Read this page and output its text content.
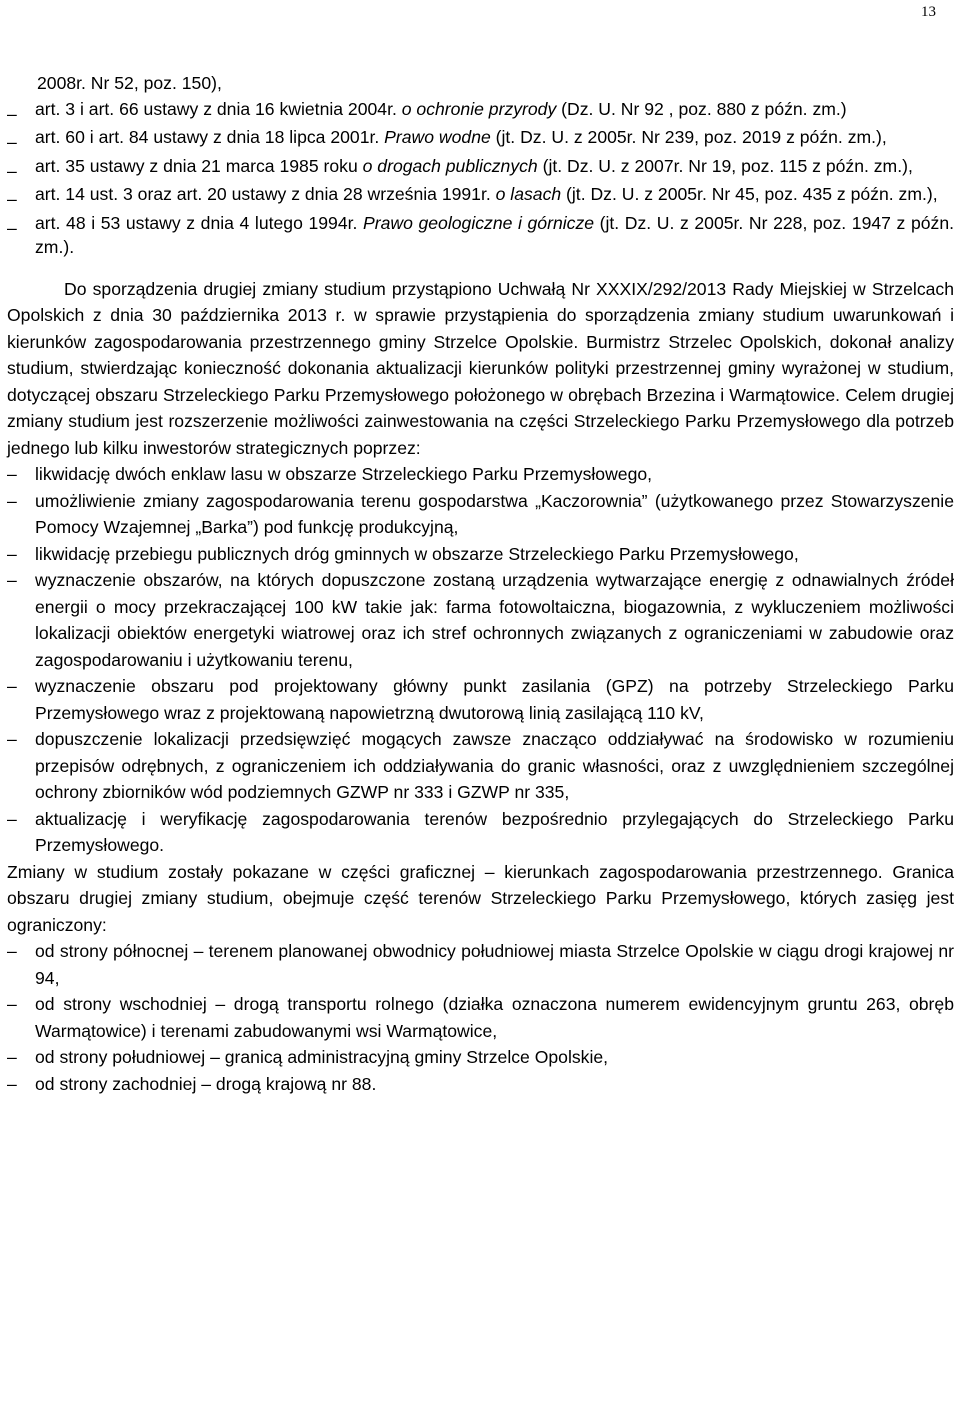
13
2008r. Nr 52, poz. 150),
– art. 3 i art. 66 ustawy z dnia 16 kwietnia 2004r. o ochronie przyrody (Dz. U. Nr 92 , poz. 880 z późn. zm.)
– art. 60 i art. 84 ustawy z dnia 18 lipca 2001r. Prawo wodne (jt. Dz. U. z 2005r. Nr 239, poz. 2019 z późn. zm.),
– art. 35 ustawy z dnia 21 marca 1985 roku o drogach publicznych (jt. Dz. U. z 2007r. Nr 19, poz. 115 z późn. zm.),
– art. 14 ust. 3 oraz art. 20 ustawy z dnia 28 września 1991r. o lasach (jt. Dz. U. z 2005r. Nr 45, poz. 435 z późn. zm.),
– art. 48 i 53 ustawy z dnia 4 lutego 1994r. Prawo geologiczne i górnicze (jt. Dz. U. z 2005r. Nr 228, poz. 1947 z późn. zm.).

Do sporządzenia drugiej zmiany studium przystąpiono Uchwałą Nr XXXIX/292/2013 Rady Miejskiej w Strzelcach Opolskich z dnia 30 października 2013 r. w sprawie przystąpienia do sporządzenia zmiany studium uwarunkowań i kierunków zagospodarowania przestrzennego gminy Strzelce Opolskie. Burmistrz Strzelec Opolskich, dokonał analizy studium, stwierdzając konieczność dokonania aktualizacji kierunków polityki przestrzennej gminy wyrażonej w studium, dotyczącej obszaru Strzeleckiego Parku Przemysłowego położonego w obrębach Brzezina i Warmątowice. Celem drugiej zmiany studium jest rozszerzenie możliwości zainwestowania na części Strzeleckiego Parku Przemysłowego dla potrzeb jednego lub kilku inwestorów strategicznych poprzez:

– likwidację dwóch enklaw lasu w obszarze Strzeleckiego Parku Przemysłowego,
– umożliwienie zmiany zagospodarowania terenu gospodarstwa „Kaczorownia” (użytkowanego przez Stowarzyszenie Pomocy Wzajemnej „Barka”) pod funkcję produkcyjną,
– likwidację przebiegu publicznych dróg gminnych w obszarze Strzeleckiego Parku Przemysłowego,
– wyznaczenie obszarów, na których dopuszczone zostaną urządzenia wytwarzające energię z odnawialnych źródeł energii o mocy przekraczającej 100 kW takie jak: farma fotowoltaiczna, biogazownia, z wykluczeniem możliwości lokalizacji obiektów energetyki wiatrowej oraz ich stref ochronnych związanych z ograniczeniami w zabudowie oraz zagospodarowaniu i użytkowaniu terenu,
– wyznaczenie obszaru pod projektowany główny punkt zasilania (GPZ) na potrzeby Strzeleckiego Parku Przemysłowego wraz z projektowaną napowietrzną dwutorową linią zasilającą 110 kV,
– dopuszczenie lokalizacji przedsięwzięć mogących zawsze znacząco oddziaływać na środowisko w rozumieniu przepisów odrębnych, z ograniczeniem ich oddziaływania do granic własności, oraz z uwzględnieniem szczególnej ochrony zbiorników wód podziemnych GZWP nr 333 i GZWP nr 335,
– aktualizację i weryfikację zagospodarowania terenów bezpośrednio przylegających do Strzeleckiego Parku Przemysłowego.

Zmiany w studium zostały pokazane w części graficznej – kierunkach zagospodarowania przestrzennego. Granica obszaru drugiej zmiany studium, obejmuje część terenów Strzeleckiego Parku Przemysłowego, których zasięg jest ograniczony:

– od strony północnej – terenem planowanej obwodnicy południowej miasta Strzelce Opolskie w ciągu drogi krajowej nr 94,
– od strony wschodniej – drogą transportu rolnego (działka oznaczona numerem ewidencyjnym gruntu 263, obręb Warmątowice) i terenami zabudowanymi wsi Warmątowice,
– od strony południowej – granicą administracyjną gminy Strzelce Opolskie,
– od strony zachodniej – drogą krajową nr 88.
